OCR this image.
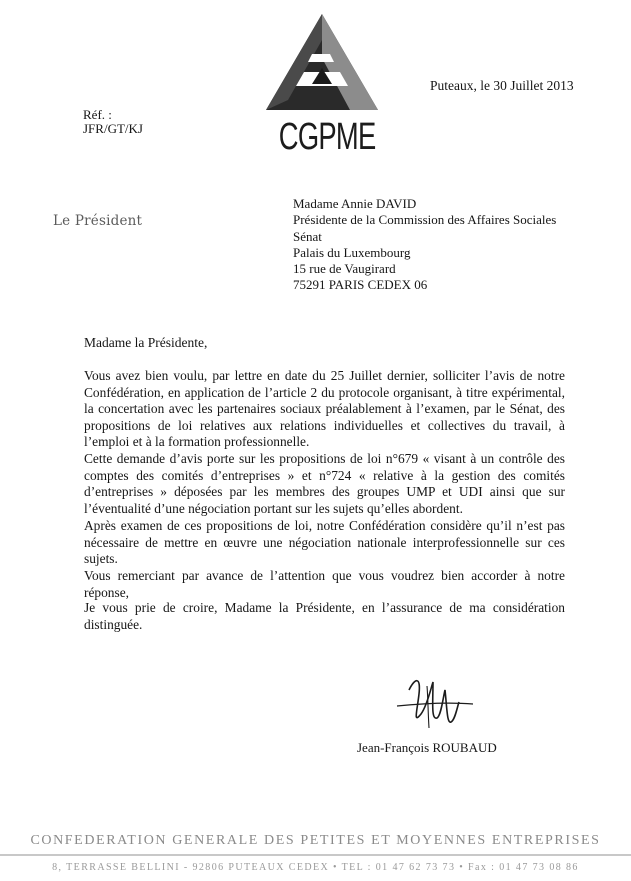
CGPME
Puteaux, le 30 Juillet 2013
Réf. :
JFR/GT/KJ
Le Président
Madame Annie DAVID
Présidente de la Commission des Affaires Sociales
Sénat
Palais du Luxembourg
15 rue de Vaugirard
75291 PARIS CEDEX 06
Madame la Présidente,

Vous avez bien voulu, par lettre en date du 25 Juillet dernier, solliciter l’avis de notre Confédération, en application de l’article 2 du protocole organisant, à titre expérimental, la concertation avec les partenaires sociaux préalablement à l’examen, par le Sénat, des propositions de loi relatives aux relations individuelles et collectives du travail, à l’emploi et à la formation professionnelle.

Cette demande d’avis porte sur les propositions de loi n°679 « visant à un contrôle des comptes des comités d’entreprises » et n°724 « relative à la gestion des comités d’entreprises » déposées par les membres des groupes UMP et UDI ainsi que sur l’éventualité d’une négociation portant sur les sujets qu’elles abordent.

Après examen de ces propositions de loi, notre Confédération considère qu’il n’est pas nécessaire de mettre en œuvre une négociation nationale interprofessionnelle sur ces sujets.

Vous remerciant par avance de l’attention que vous voudrez bien accorder à notre réponse,

Je vous prie de croire, Madame la Présidente, en l’assurance de ma considération distinguée.

Jean-François ROUBAUD
CONFEDERATION GENERALE DES PETITES ET MOYENNES ENTREPRISES
8, TERRASSE BELLINI - 92806 PUTEAUX CEDEX • TEL : 01 47 62 73 73 • Fax : 01 47 73 08 86
